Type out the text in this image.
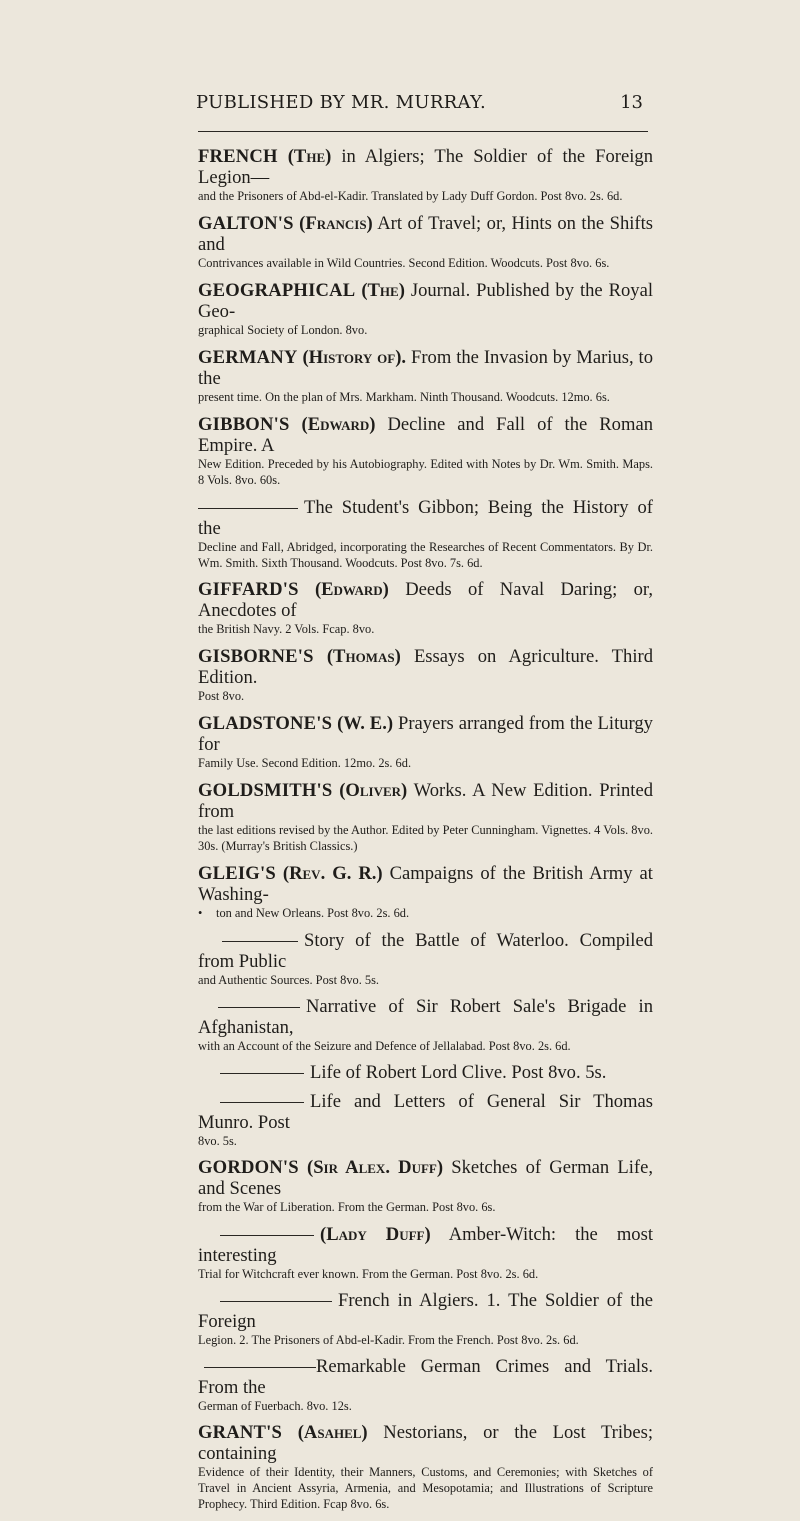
PUBLISHED BY MR. MURRAY.	13
FRENCH (The) in Algiers; The Soldier of the Foreign Legion—
and the Prisoners of Abd-el-Kadir. Translated by Lady Duff Gordon. Post 8vo. 2s. 6d.
GALTON'S (Francis) Art of Travel; or, Hints on the Shifts and
Contrivances available in Wild Countries. Second Edition. Woodcuts. Post 8vo. 6s.
GEOGRAPHICAL (The) Journal. Published by the Royal Geo-
graphical Society of London. 8vo.
GERMANY (History of). From the Invasion by Marius, to the
present time. On the plan of Mrs. Markham. Ninth Thousand. Woodcuts. 12mo. 6s.
GIBBON'S (Edward) Decline and Fall of the Roman Empire. A
New Edition. Preceded by his Autobiography. Edited with Notes by Dr. Wm. Smith. Maps. 8 Vols. 8vo. 60s.
The Student's Gibbon; Being the History of the
Decline and Fall, Abridged, incorporating the Researches of Recent Commentators. By Dr. Wm. Smith. Sixth Thousand. Woodcuts. Post 8vo. 7s. 6d.
GIFFARD'S (Edward) Deeds of Naval Daring; or, Anecdotes of
the British Navy. 2 Vols. Fcap. 8vo.
GISBORNE'S (Thomas) Essays on Agriculture. Third Edition.
Post 8vo.
GLADSTONE'S (W. E.) Prayers arranged from the Liturgy for
Family Use. Second Edition. 12mo. 2s. 6d.
GOLDSMITH'S (Oliver) Works. A New Edition. Printed from
the last editions revised by the Author. Edited by Peter Cunningham. Vignettes. 4 Vols. 8vo. 30s. (Murray's British Classics.)
GLEIG'S (Rev. G. R.) Campaigns of the British Army at Washing-
• ton and New Orleans. Post 8vo. 2s. 6d.
Story of the Battle of Waterloo. Compiled from Public
and Authentic Sources. Post 8vo. 5s.
Narrative of Sir Robert Sale's Brigade in Afghanistan,
with an Account of the Seizure and Defence of Jellalabad. Post 8vo. 2s. 6d.
Life of Robert Lord Clive. Post 8vo. 5s.
Life and Letters of General Sir Thomas Munro. Post
8vo. 5s.
GORDON'S (Sir Alex. Duff) Sketches of German Life, and Scenes
from the War of Liberation. From the German. Post 8vo. 6s.
(Lady Duff) Amber-Witch: the most interesting
Trial for Witchcraft ever known. From the German. Post 8vo. 2s. 6d.
French in Algiers. 1. The Soldier of the Foreign
Legion. 2. The Prisoners of Abd-el-Kadir. From the French. Post 8vo. 2s. 6d.
Remarkable German Crimes and Trials. From the
German of Fuerbach. 8vo. 12s.
GRANT'S (Asahel) Nestorians, or the Lost Tribes; containing
Evidence of their Identity, their Manners, Customs, and Ceremonies; with Sketches of Travel in Ancient Assyria, Armenia, and Mesopotamia; and Illustrations of Scripture Prophecy. Third Edition. Fcap 8vo. 6s.
